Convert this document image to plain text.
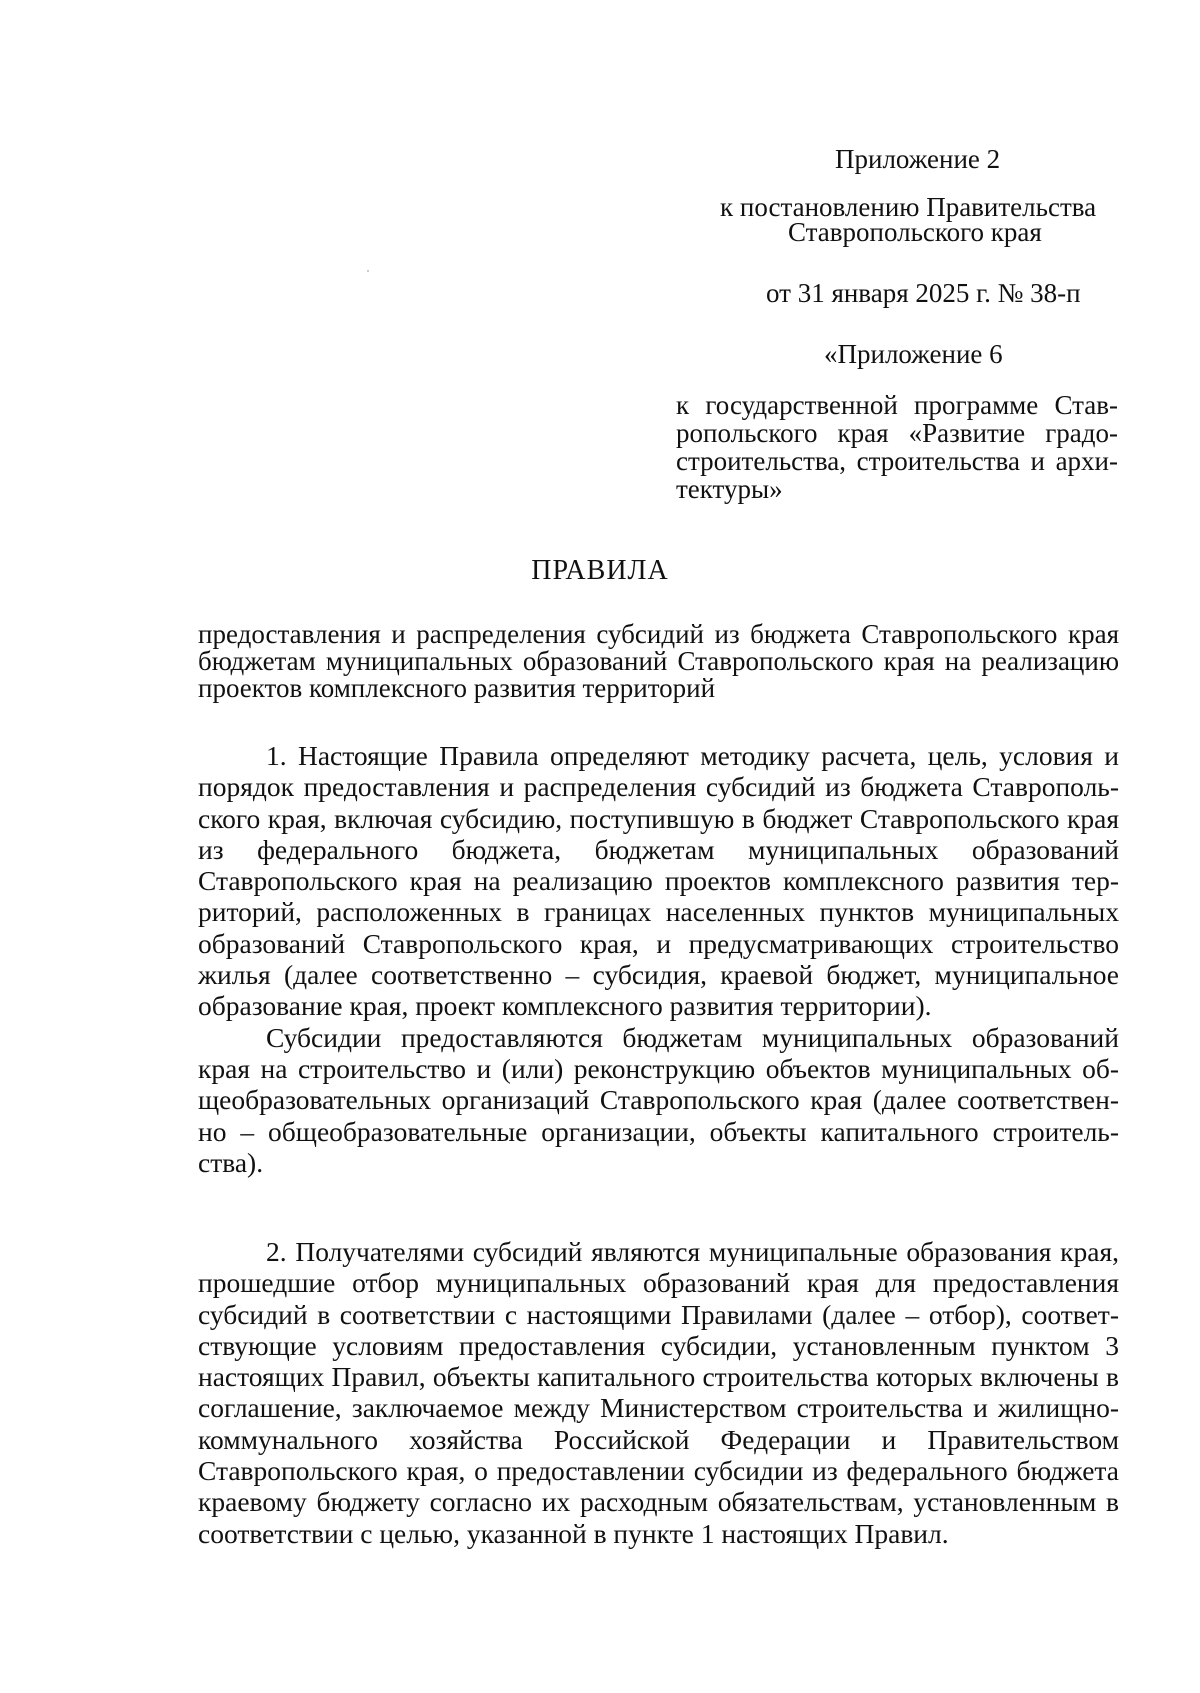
Приложение 2
к постановлению Правительства
Ставропольского края
от 31 января 2025 г. № 38-п
«Приложение 6
к государственной программе Ставропольского края «Развитие градостроительства, строительства и архитектуры»
ПРАВИЛА
предоставления и распределения субсидий из бюджета Ставропольского края бюджетам муниципальных образований Ставропольского края на реализацию проектов комплексного развития территорий

1. Настоящие Правила определяют методику расчета, цель, условия и порядок предоставления и распределения субсидий из бюджета Ставропольского края, включая субсидию, поступившую в бюджет Ставропольского края из федерального бюджета, бюджетам муниципальных образований Ставропольского края на реализацию проектов комплексного развития территорий, расположенных в границах населенных пунктов муниципальных образований Ставропольского края, и предусматривающих строительство жилья (далее соответственно – субсидия, краевой бюджет, муниципальное образование края, проект комплексного развития территории).

Субсидии предоставляются бюджетам муниципальных образований края на строительство и (или) реконструкцию объектов муниципальных общеобразовательных организаций Ставропольского края (далее соответственно – общеобразовательные организации, объекты капитального строительства).

2. Получателями субсидий являются муниципальные образования края, прошедшие отбор муниципальных образований края для предоставления субсидий в соответствии с настоящими Правилами (далее – отбор), соответствующие условиям предоставления субсидии, установленным пунктом 3 настоящих Правил, объекты капитального строительства которых включены в соглашение, заключаемое между Министерством строительства и жилищно-коммунального хозяйства Российской Федерации и Правительством Ставропольского края, о предоставлении субсидии из федерального бюджета краевому бюджету согласно их расходным обязательствам, установленным в соответствии с целью, указанной в пункте 1 настоящих Правил.
